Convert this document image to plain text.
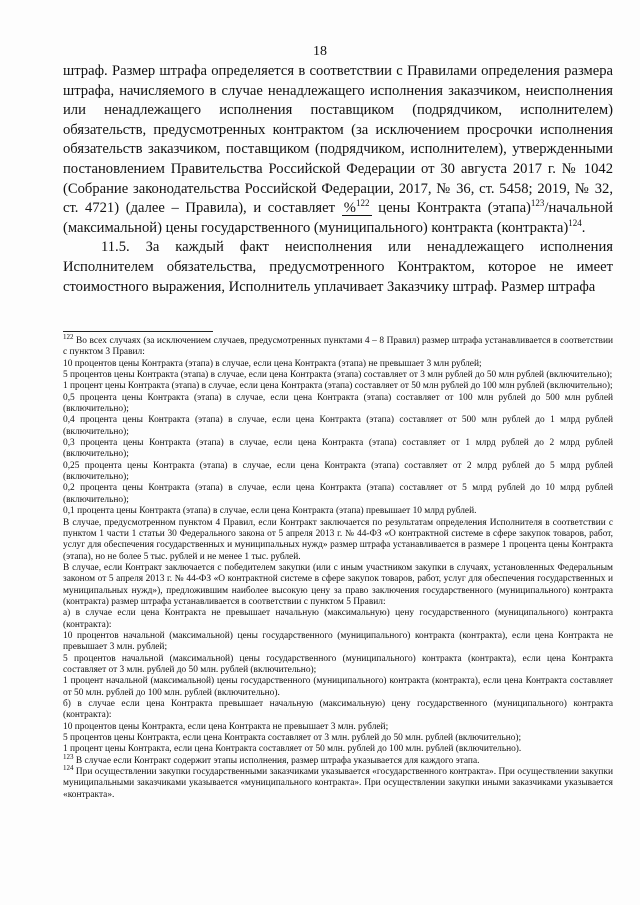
18

штраф. Размер штрафа определяется в соответствии с Правилами определения размера штрафа, начисляемого в случае ненадлежащего исполнения заказчиком, неисполнения или ненадлежащего исполнения поставщиком (подрядчиком, исполнителем) обязательств, предусмотренных контрактом (за исключением просрочки исполнения обязательств заказчиком, поставщиком (подрядчиком, исполнителем), утвержденными постановлением Правительства Российской Федерации от 30 августа 2017 г. № 1042 (Собрание законодательства Российской Федерации, 2017, № 36, ст. 5458; 2019, № 32, ст. 4721) (далее – Правила), и составляет %$^{122}$ цены Контракта (этапа)$^{123}$/начальной (максимальной) цены государственного (муниципального) контракта (контракта)$^{124}$.

11.5. За каждый факт неисполнения или ненадлежащего исполнения Исполнителем обязательства, предусмотренного Контрактом, которое не имеет стоимостного выражения, Исполнитель уплачивает Заказчику штраф. Размер штрафа

$^{122}$ Во всех случаях (за исключением случаев, предусмотренных пунктами 4 – 8 Правил) размер штрафа устанавливается в соответствии с пунктом 3 Правил:

10 процентов цены Контракта (этапа) в случае, если цена Контракта (этапа) не превышает 3 млн рублей;

5 процентов цены Контракта (этапа) в случае, если цена Контракта (этапа) составляет от 3 млн рублей до 50 млн рублей (включительно);

1 процент цены Контракта (этапа) в случае, если цена Контракта (этапа) составляет от 50 млн рублей до 100 млн рублей (включительно);

0,5 процента цены Контракта (этапа) в случае, если цена Контракта (этапа) составляет от 100 млн рублей до 500 млн рублей (включительно);

0,4 процента цены Контракта (этапа) в случае, если цена Контракта (этапа) составляет от 500 млн рублей до 1 млрд рублей (включительно);

0,3 процента цены Контракта (этапа) в случае, если цена Контракта (этапа) составляет от 1 млрд рублей до 2 млрд рублей (включительно);

0,25 процента цены Контракта (этапа) в случае, если цена Контракта (этапа) составляет от 2 млрд рублей до 5 млрд рублей (включительно);

0,2 процента цены Контракта (этапа) в случае, если цена Контракта (этапа) составляет от 5 млрд рублей до 10 млрд рублей (включительно);

0,1 процента цены Контракта (этапа) в случае, если цена Контракта (этапа) превышает 10 млрд рублей.

В случае, предусмотренном пунктом 4 Правил, если Контракт заключается по результатам определения Исполнителя в соответствии с пунктом 1 части 1 статьи 30 Федерального закона от 5 апреля 2013 г. № 44-ФЗ «О контрактной системе в сфере закупок товаров, работ, услуг для обеспечения государственных и муниципальных нужд» размер штрафа устанавливается в размере 1 процента цены Контракта (этапа), но не более 5 тыс. рублей и не менее 1 тыс. рублей.

В случае, если Контракт заключается с победителем закупки (или с иным участником закупки в случаях, установленных Федеральным законом от 5 апреля 2013 г. № 44-ФЗ «О контрактной системе в сфере закупок товаров, работ, услуг для обеспечения государственных и муниципальных нужд»), предложившим наиболее высокую цену за право заключения государственного (муниципального) контракта (контракта) размер штрафа устанавливается в соответствии с пунктом 5 Правил:

а) в случае если цена Контракта не превышает начальную (максимальную) цену государственного (муниципального) контракта (контракта):

10 процентов начальной (максимальной) цены государственного (муниципального) контракта (контракта), если цена Контракта не превышает 3 млн. рублей;

5 процентов начальной (максимальной) цены государственного (муниципального) контракта (контракта), если цена Контракта составляет от 3 млн. рублей до 50 млн. рублей (включительно);

1 процент начальной (максимальной) цены государственного (муниципального) контракта (контракта), если цена Контракта составляет от 50 млн. рублей до 100 млн. рублей (включительно).

б) в случае если цена Контракта превышает начальную (максимальную) цену государственного (муниципального) контракта (контракта):

10 процентов цены Контракта, если цена Контракта не превышает 3 млн. рублей;

5 процентов цены Контракта, если цена Контракта составляет от 3 млн. рублей до 50 млн. рублей (включительно);

1 процент цены Контракта, если цена Контракта составляет от 50 млн. рублей до 100 млн. рублей (включительно).

$^{123}$ В случае если Контракт содержит этапы исполнения, размер штрафа указывается для каждого этапа.

$^{124}$ При осуществлении закупки государственными заказчиками указывается «государственного контракта». При осуществлении закупки муниципальными заказчиками указывается «муниципального контракта». При осуществлении закупки иными заказчиками указывается «контракта».
